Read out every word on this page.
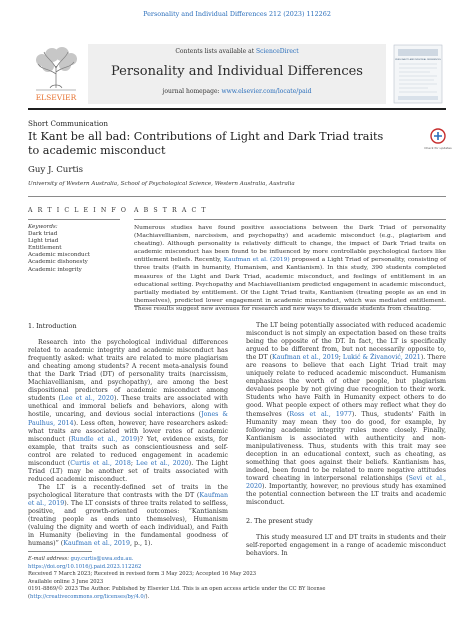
Personality and Individual Differences 212 (2023) 112262
ELSEVIER
Contents lists available at ScienceDirect
Personality and Individual Differences
journal homepage: www.elsevier.com/locate/paid
PERSONALITY AND INDIVIDUAL DIFFERENCES
Short Communication
It Kant be all bad: Contributions of Light and Dark Triad traits to academic misconduct	Check for updates
Guy J. Curtis
University of Western Australia, School of Psychological Science, Western Australia, Australia
A R T I C L E I N F O A B S T R A C T
Keywords:
Dark triad
Light triad
Entitlement
Academic misconduct
Academic dishonesty
Academic integrity
Numerous studies have found positive associations between the Dark Triad of personality (Machiavellianism, narcissism, and psychopathy) and academic misconduct (e.g., plagiarism and cheating). Although personality is relatively difficult to change, the impact of Dark Triad traits on academic misconduct has been found to be influenced by more controllable psychological factors like entitlement beliefs. Recently, Kaufman et al. (2019) proposed a Light Triad of personality, consisting of three traits (Faith in humanity, Humanism, and Kantianism). In this study, 390 students completed measures of the Light and Dark Triad, academic misconduct, and feelings of entitlement in an educational setting. Psychopathy and Machiavellianism predicted engagement in academic misconduct, partially mediated by entitlement. Of the Light Triad traits, Kantianism (treating people as an end in themselves), predicted lower engagement in academic misconduct, which was mediated entitlement. These results suggest new avenues for research and new ways to dissuade students from cheating.
1. Introduction

Research into the psychological individual differences related to academic integrity and academic misconduct has frequently asked: what traits are related to more plagiarism and cheating among students? A recent meta-analysis found that the Dark Triad (DT) of personality traits (narcissism, Machiavellianism, and psychopathy), are among the best dispositional predictors of academic misconduct among students (Lee et al., 2020). These traits are associated with unethical and immoral beliefs and behaviors, along with hostile, uncaring, and devious social interactions (Jones & Paulhus, 2014). Less often, however, have researchers asked: what traits are associated with lower rates of academic misconduct (Rundle et al., 2019)? Yet, evidence exists, for example, that traits such as conscientiousness and self-control are related to reduced engagement in academic misconduct (Curtis et al., 2018; Lee et al., 2020). The Light Triad (LT) may be another set of traits associated with reduced academic misconduct.

The LT is a recently-defined set of traits in the psychological literature that contrasts with the DT (Kaufman et al., 2019). The LT consists of three traits related to selfless, positive, and growth-oriented outcomes: “Kantianism (treating people as ends unto themselves), Humanism (valuing the dignity and worth of each individual), and Faith in Humanity (believing in the fundamental goodness of humans)” (Kaufman et al., 2019, p., 1).

The LT being potentially associated with reduced academic misconduct is not simply an expectation based on these traits being the opposite of the DT. In fact, the LT is specifically argued to be different from, but not necessarily opposite to, the DT (Kaufman et al., 2019; Lukić & Živanović, 2021). There are reasons to believe that each Light Triad trait may uniquely relate to reduced academic misconduct. Humanism emphasizes the worth of other people, but plagiarism devalues people by not giving due recognition to their work. Students who have Faith in Humanity expect others to do good. What people expect of others may reflect what they do themselves (Ross et al., 1977). Thus, students' Faith in Humanity may mean they too do good, for example, by following academic integrity rules more closely. Finally, Kantianism is associated with authenticity and non-manipulativeness. Thus, students with this trait may see deception in an educational context, such as cheating, as something that goes against their beliefs. Kantianism has, indeed, been found to be related to more negative attitudes toward cheating in interpersonal relationships (Sevi et al., 2020). Importantly, however, no previous study has examined the potential connection between the LT traits and academic misconduct.

2. The present study

This study measured LT and DT traits in students and their self-reported engagement in a range of academic misconduct behaviors. In

E-mail address: guy.curtis@uwa.edu.au.
https://doi.org/10.1016/j.paid.2023.112262
Received 7 March 2023; Received in revised form 3 May 2023; Accepted 16 May 2023
Available online 3 June 2023
0191-8869/© 2023 The Author. Published by Elsevier Ltd. This is an open access article under the CC BY license (http://creativecommons.org/licenses/by/4.0/).
